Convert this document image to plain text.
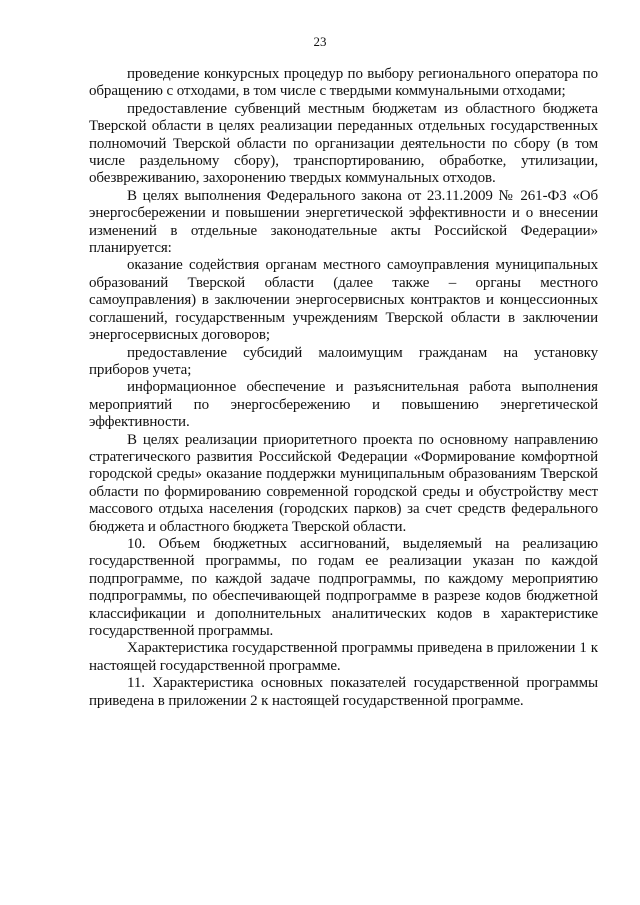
23

проведение конкурсных процедур по выбору регионального оператора по обращению с отходами, в том числе с твердыми коммунальными отходами;

предоставление субвенций местным бюджетам из областного бюджета Тверской области в целях реализации переданных отдельных государственных полномочий Тверской области по организации деятельности по сбору (в том числе раздельному сбору), транспортированию, обработке, утилизации, обезвреживанию, захоронению твердых коммунальных отходов.

В целях выполнения Федерального закона от 23.11.2009 № 261-ФЗ «Об энергосбережении и повышении энергетической эффективности и о внесении изменений в отдельные законодательные акты Российской Федерации» планируется:

оказание содействия органам местного самоуправления муниципальных образований Тверской области (далее также – органы местного самоуправления) в заключении энергосервисных контрактов и концессионных соглашений, государственным учреждениям Тверской области в заключении энергосервисных договоров;

предоставление субсидий малоимущим гражданам на установку приборов учета;

информационное обеспечение и разъяснительная работа выполнения мероприятий по энергосбережению и повышению энергетической эффективности.

В целях реализации приоритетного проекта по основному направлению стратегического развития Российской Федерации «Формирование комфортной городской среды» оказание поддержки муниципальным образованиям Тверской области по формированию современной городской среды и обустройству мест массового отдыха населения (городских парков) за счет средств федерального бюджета и областного бюджета Тверской области.

10. Объем бюджетных ассигнований, выделяемый на реализацию государственной программы, по годам ее реализации указан по каждой подпрограмме, по каждой задаче подпрограммы, по каждому мероприятию подпрограммы, по обеспечивающей подпрограмме в разрезе кодов бюджетной классификации и дополнительных аналитических кодов в характеристике государственной программы.

Характеристика государственной программы приведена в приложении 1 к настоящей государственной программе.

11. Характеристика основных показателей государственной программы приведена в приложении 2 к настоящей государственной программе.
